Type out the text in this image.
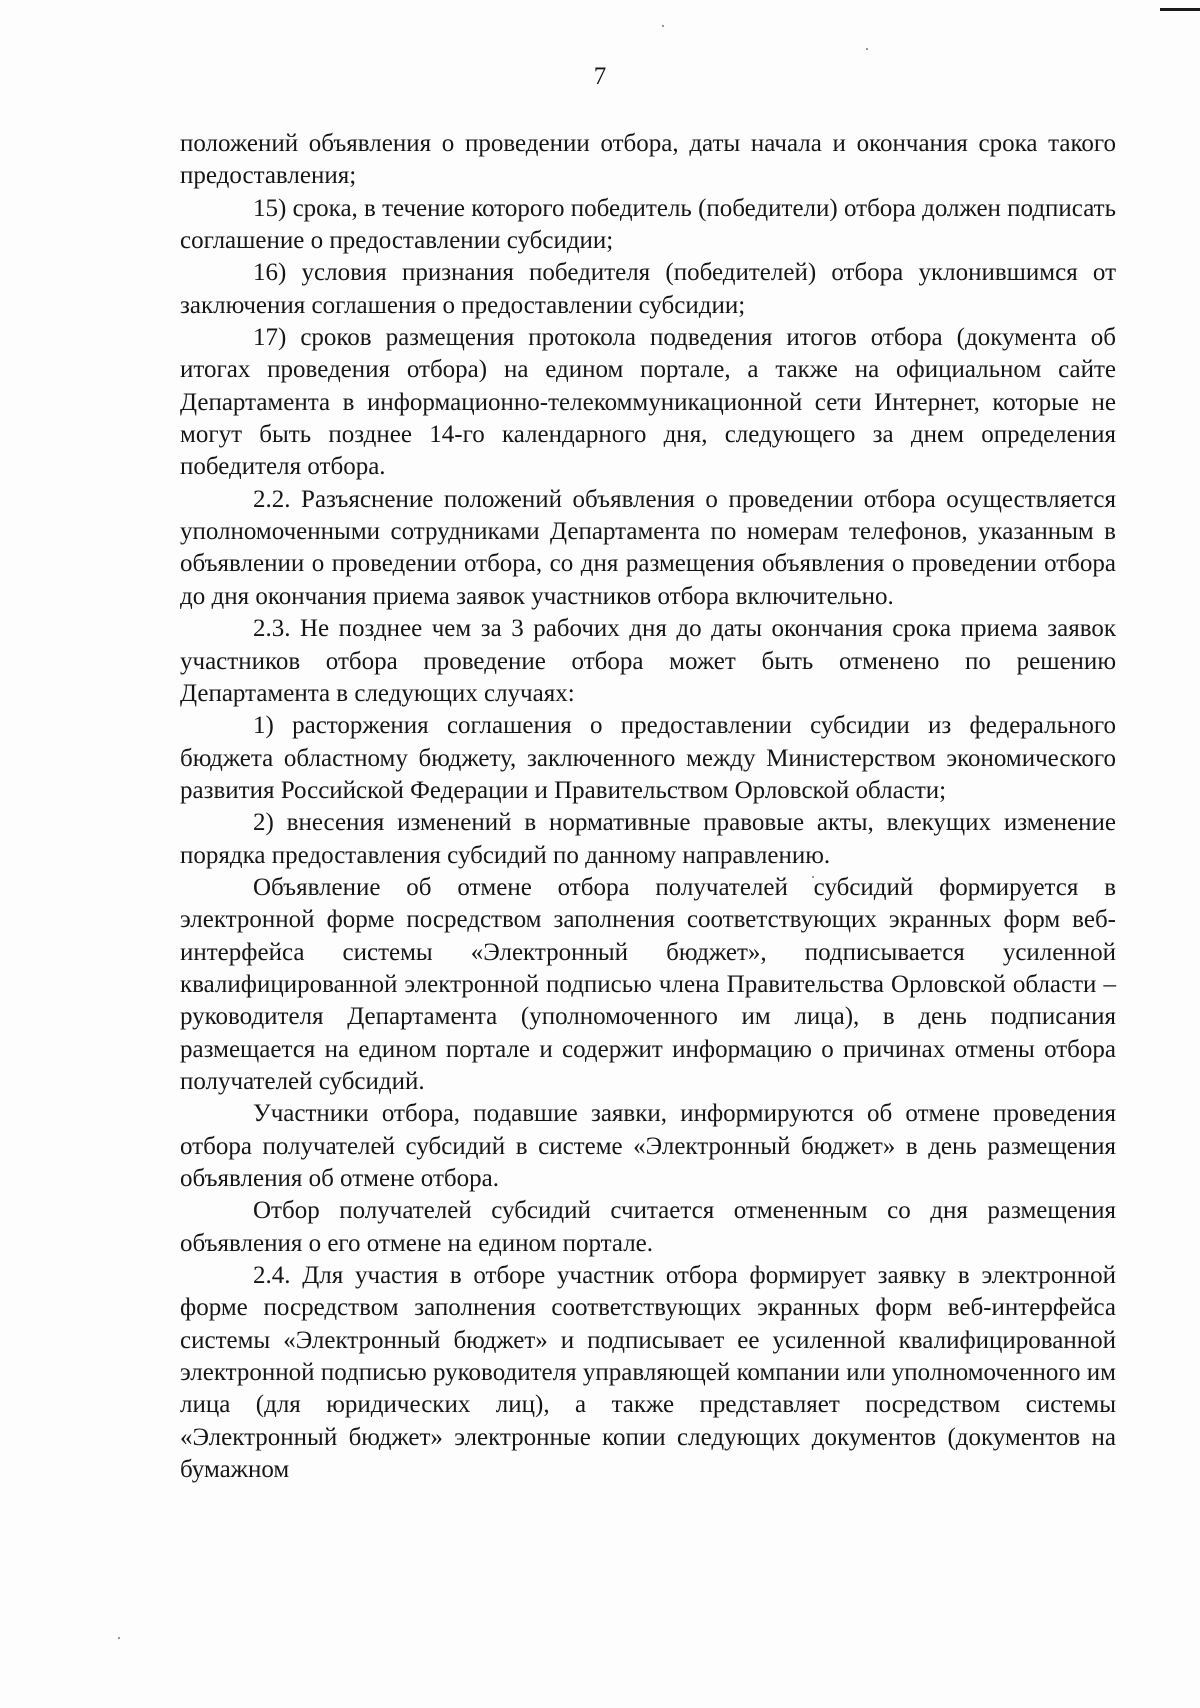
7

положений объявления о проведении отбора, даты начала и окончания срока такого предоставления;

15) срока, в течение которого победитель (победители) отбора должен подписать соглашение о предоставлении субсидии;

16) условия признания победителя (победителей) отбора уклонившимся от заключения соглашения о предоставлении субсидии;

17) сроков размещения протокола подведения итогов отбора (документа об итогах проведения отбора) на едином портале, а также на официальном сайте Департамента в информационно-телекоммуникационной сети Интернет, которые не могут быть позднее 14-го календарного дня, следующего за днем определения победителя отбора.

2.2. Разъяснение положений объявления о проведении отбора осуществляется уполномоченными сотрудниками Департамента по номерам телефонов, указанным в объявлении о проведении отбора, со дня размещения объявления о проведении отбора до дня окончания приема заявок участников отбора включительно.

2.3. Не позднее чем за 3 рабочих дня до даты окончания срока приема заявок участников отбора проведение отбора может быть отменено по решению Департамента в следующих случаях:

1) расторжения соглашения о предоставлении субсидии из федерального бюджета областному бюджету, заключенного между Министерством экономического развития Российской Федерации и Правительством Орловской области;

2) внесения изменений в нормативные правовые акты, влекущих изменение порядка предоставления субсидий по данному направлению.

Объявление об отмене отбора получателей субсидий формируется в электронной форме посредством заполнения соответствующих экранных форм веб-интерфейса системы «Электронный бюджет», подписывается усиленной квалифицированной электронной подписью члена Правительства Орловской области – руководителя Департамента (уполномоченного им лица), в день подписания размещается на едином портале и содержит информацию о причинах отмены отбора получателей субсидий.

Участники отбора, подавшие заявки, информируются об отмене проведения отбора получателей субсидий в системе «Электронный бюджет» в день размещения объявления об отмене отбора.

Отбор получателей субсидий считается отмененным со дня размещения объявления о его отмене на едином портале.

2.4. Для участия в отборе участник отбора формирует заявку в электронной форме посредством заполнения соответствующих экранных форм веб-интерфейса системы «Электронный бюджет» и подписывает ее усиленной квалифицированной электронной подписью руководителя управляющей компании или уполномоченного им лица (для юридических лиц), а также представляет посредством системы «Электронный бюджет» электронные копии следующих документов (документов на бумажном
